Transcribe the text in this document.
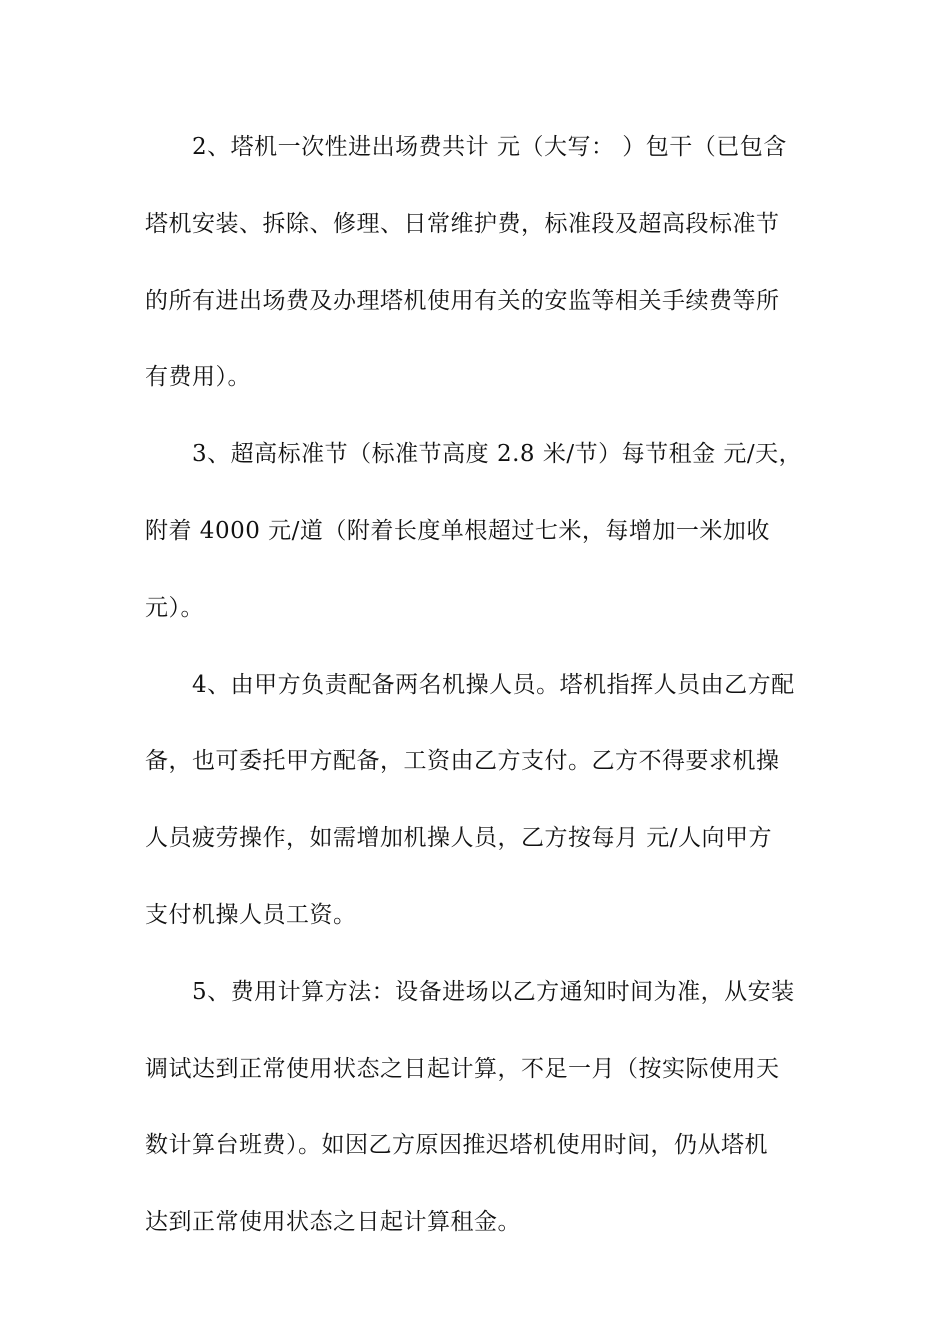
2、塔机一次性进出场费共计 元（大写： ）包干（已包含
塔机安装、拆除、修理、日常维护费，标准段及超高段标准节
的所有进出场费及办理塔机使用有关的安监等相关手续费等所
有费用）。
3、超高标准节（标准节高度 2.8 米/节）每节租金 元/天，
附着 4000 元/道（附着长度单根超过七米，每增加一米加收
元）。
4、由甲方负责配备两名机操人员。塔机指挥人员由乙方配
备，也可委托甲方配备，工资由乙方支付。乙方不得要求机操
人员疲劳操作，如需增加机操人员，乙方按每月 元/人向甲方
支付机操人员工资。
5、费用计算方法：设备进场以乙方通知时间为准，从安装
调试达到正常使用状态之日起计算，不足一月（按实际使用天
数计算台班费）。如因乙方原因推迟塔机使用时间，仍从塔机
达到正常使用状态之日起计算租金。
